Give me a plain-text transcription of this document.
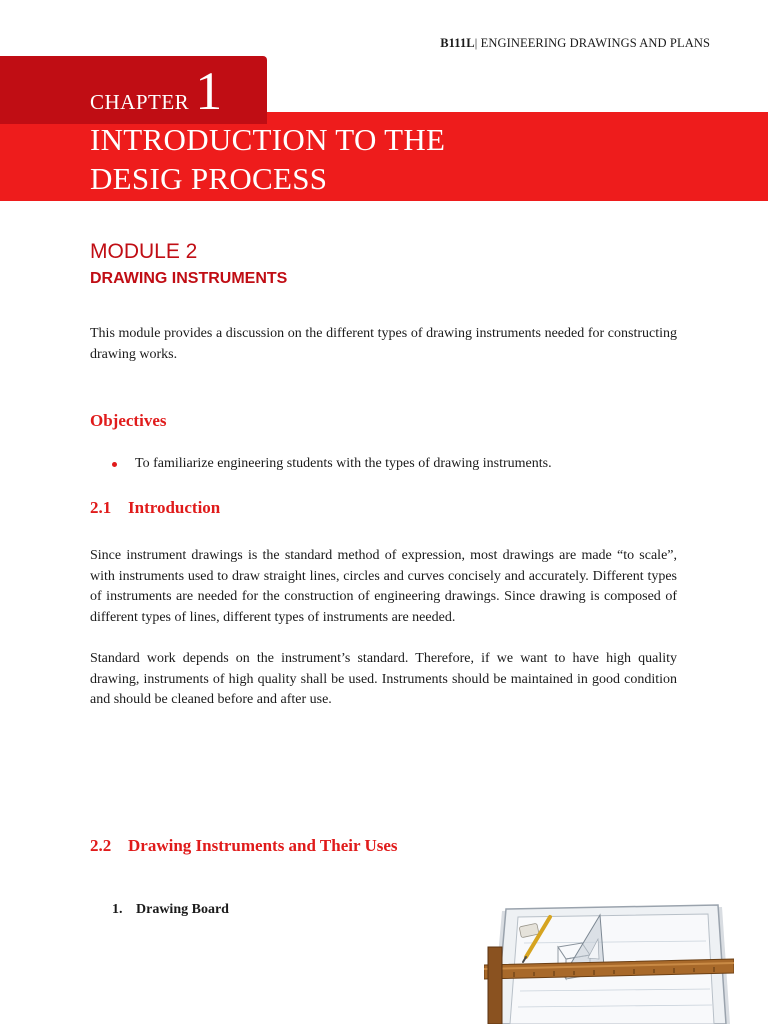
B111L| ENGINEERING DRAWINGS AND PLANS
CHAPTER 1
INTRODUCTION TO THE
DESIG PROCESS
MODULE 2
DRAWING INSTRUMENTS
This module provides a discussion on the different types of drawing instruments needed for constructing drawing works.
Objectives
To familiarize engineering students with the types of drawing instruments.
2.1 Introduction
Since instrument drawings is the standard method of expression, most drawings are made “to scale”, with instruments used to draw straight lines, circles and curves concisely and accurately. Different types of instruments are needed for the construction of engineering drawings. Since drawing is composed of different types of lines, different types of instruments are needed.
Standard work depends on the instrument’s standard. Therefore, if we want to have high quality drawing, instruments of high quality shall be used. Instruments should be maintained in good condition and should be cleaned before and after use.
2.2 Drawing Instruments and Their Uses
1. Drawing Board
